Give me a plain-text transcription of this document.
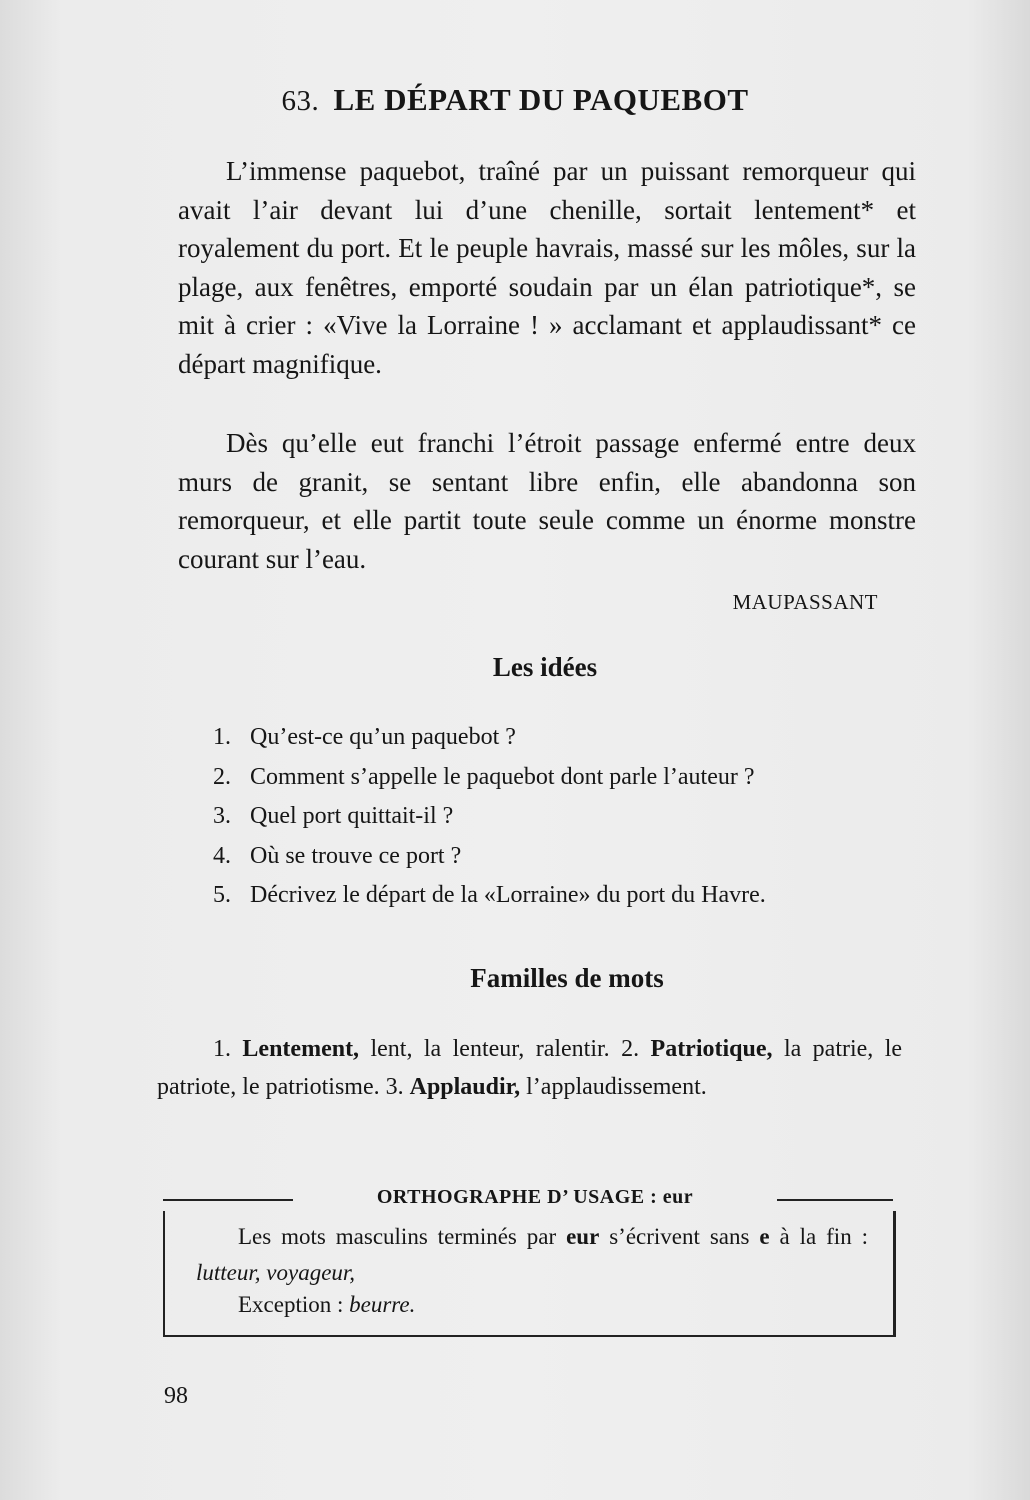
63. LE DÉPART DU PAQUEBOT
L’immense paquebot, traîné par un puissant remorqueur qui avait l’air devant lui d’une chenille, sortait lentement* et royalement du port. Et le peuple havrais, massé sur les môles, sur la plage, aux fenêtres, emporté soudain par un élan patriotique*, se mit à crier : «Vive la Lorraine ! » acclamant et applaudissant* ce départ magnifique.
Dès qu’elle eut franchi l’étroit passage enfermé entre deux murs de granit, se sentant libre enfin, elle abandonna son remorqueur, et elle partit toute seule comme un énorme monstre courant sur l’eau.
MAUPASSANT
Les idées
1. Qu’est-ce qu’un paquebot ?
2. Comment s’appelle le paquebot dont parle l’auteur ?
3. Quel port quittait-il ?
4. Où se trouve ce port ?
5. Décrivez le départ de la «Lorraine» du port du Havre.
Familles de mots
1. Lentement, lent, la lenteur, ralentir. 2. Patriotique, la patrie, le patriote, le patriotisme. 3. Applaudir, l’applaudissement.
ORTHOGRAPHE D’ USAGE : eur
Les mots masculins terminés par eur s’écrivent sans e à la fin : lutteur, voyageur,
Exception : beurre.
98
